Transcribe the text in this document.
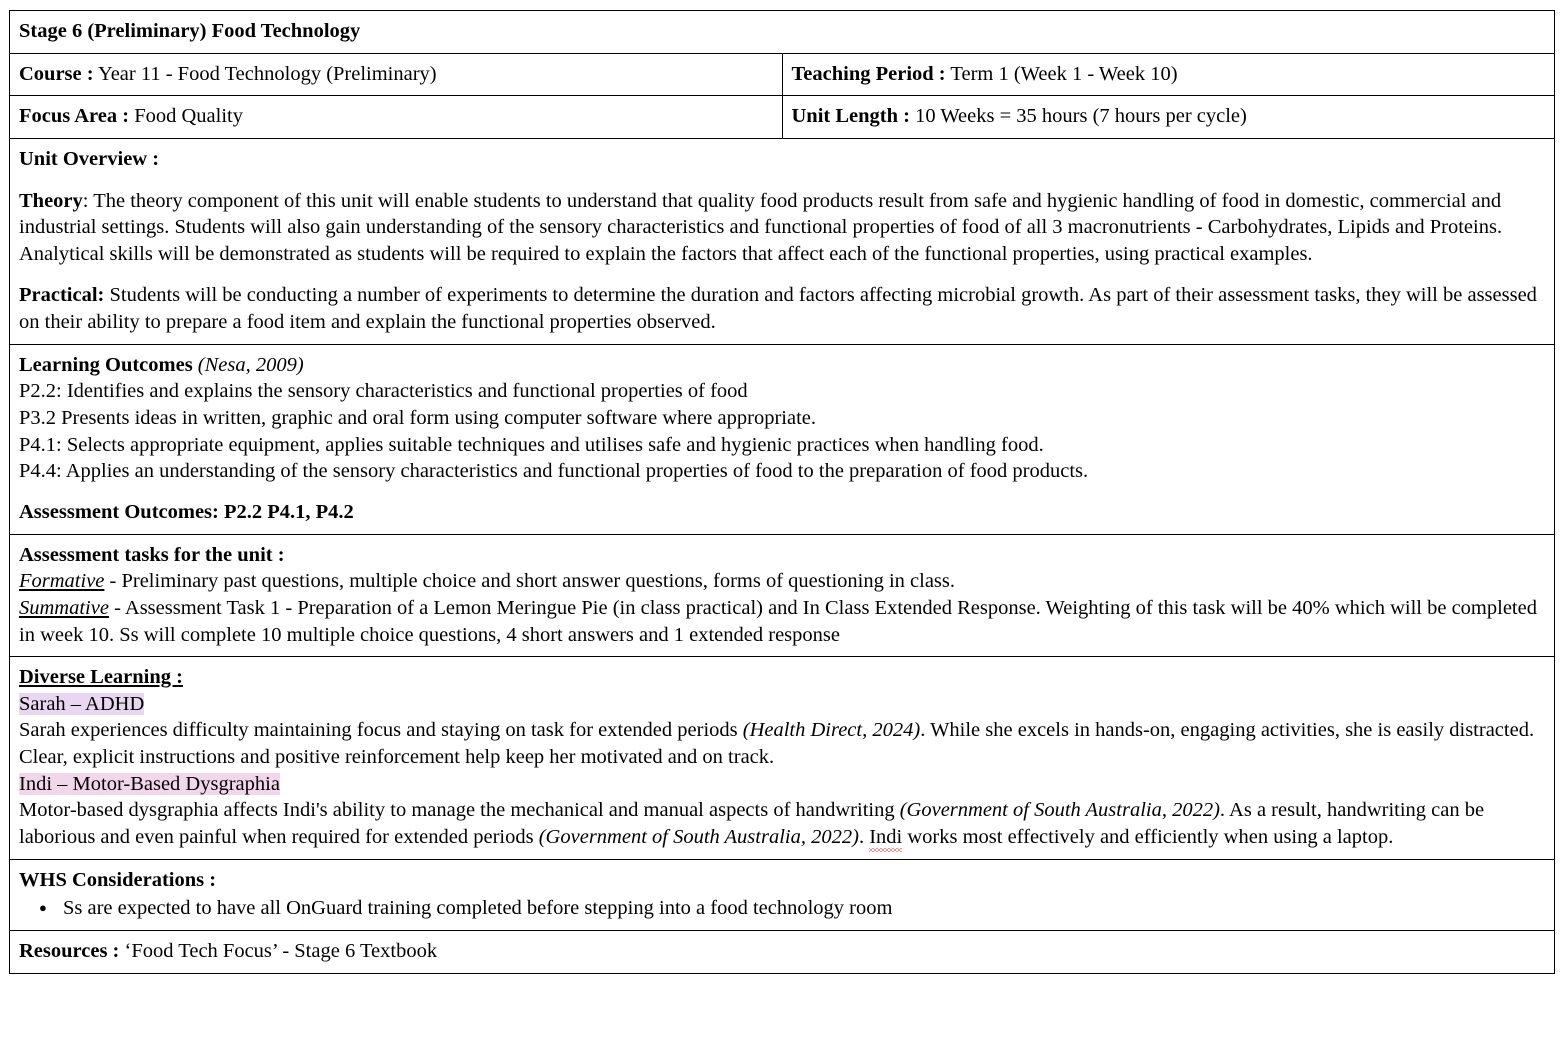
Stage 6 (Preliminary) Food Technology	

Course : Year 11 - Food Technology (Preliminary)	Teaching Period : Term 1 (Week 1 - Week 10)

Focus Area : Food Quality	Unit Length : 10 Weeks = 35 hours (7 hours per cycle)

Unit Overview :

Theory: The theory component of this unit will enable students to understand that quality food products result from safe and hygienic handling of food in domestic, commercial and industrial settings. Students will also gain understanding of the sensory characteristics and functional properties of food of all 3 macronutrients - Carbohydrates, Lipids and Proteins. Analytical skills will be demonstrated as students will be required to explain the factors that affect each of the functional properties, using practical examples.

Practical: Students will be conducting a number of experiments to determine the duration and factors affecting microbial growth. As part of their assessment tasks, they will be assessed on their ability to prepare a food item and explain the functional properties observed.	

Learning Outcomes (Nesa, 2009)

P2.2: Identifies and explains the sensory characteristics and functional properties of food

P3.2 Presents ideas in written, graphic and oral form using computer software where appropriate.

P4.1: Selects appropriate equipment, applies suitable techniques and utilises safe and hygienic practices when handling food.

P4.4: Applies an understanding of the sensory characteristics and functional properties of food to the preparation of food products.

Assessment Outcomes: P2.2 P4.1, P4.2

Assessment tasks for the unit :

Formative - Preliminary past questions, multiple choice and short answer questions, forms of questioning in class.

Summative - Assessment Task 1 - Preparation of a Lemon Meringue Pie (in class practical) and In Class Extended Response. Weighting of this task will be 40% which will be completed in week 10. Ss will complete 10 multiple choice questions, 4 short answers and 1 extended response	

Diverse Learning :

Sarah – ADHD

Sarah experiences difficulty maintaining focus and staying on task for extended periods (Health Direct, 2024). While she excels in hands-on, engaging activities, she is easily distracted. Clear, explicit instructions and positive reinforcement help keep her motivated and on track.

Indi – Motor-Based Dysgraphia

Motor-based dysgraphia affects Indi's ability to manage the mechanical and manual aspects of handwriting (Government of South Australia, 2022). As a result, handwriting can be laborious and even painful when required for extended periods (Government of South Australia, 2022). Indi works most effectively and efficiently when using a laptop.	

WHS Considerations :

● Ss are expected to have all OnGuard training completed before stepping into a food technology room

Resources : ‘Food Tech Focus’ - Stage 6 Textbook	
